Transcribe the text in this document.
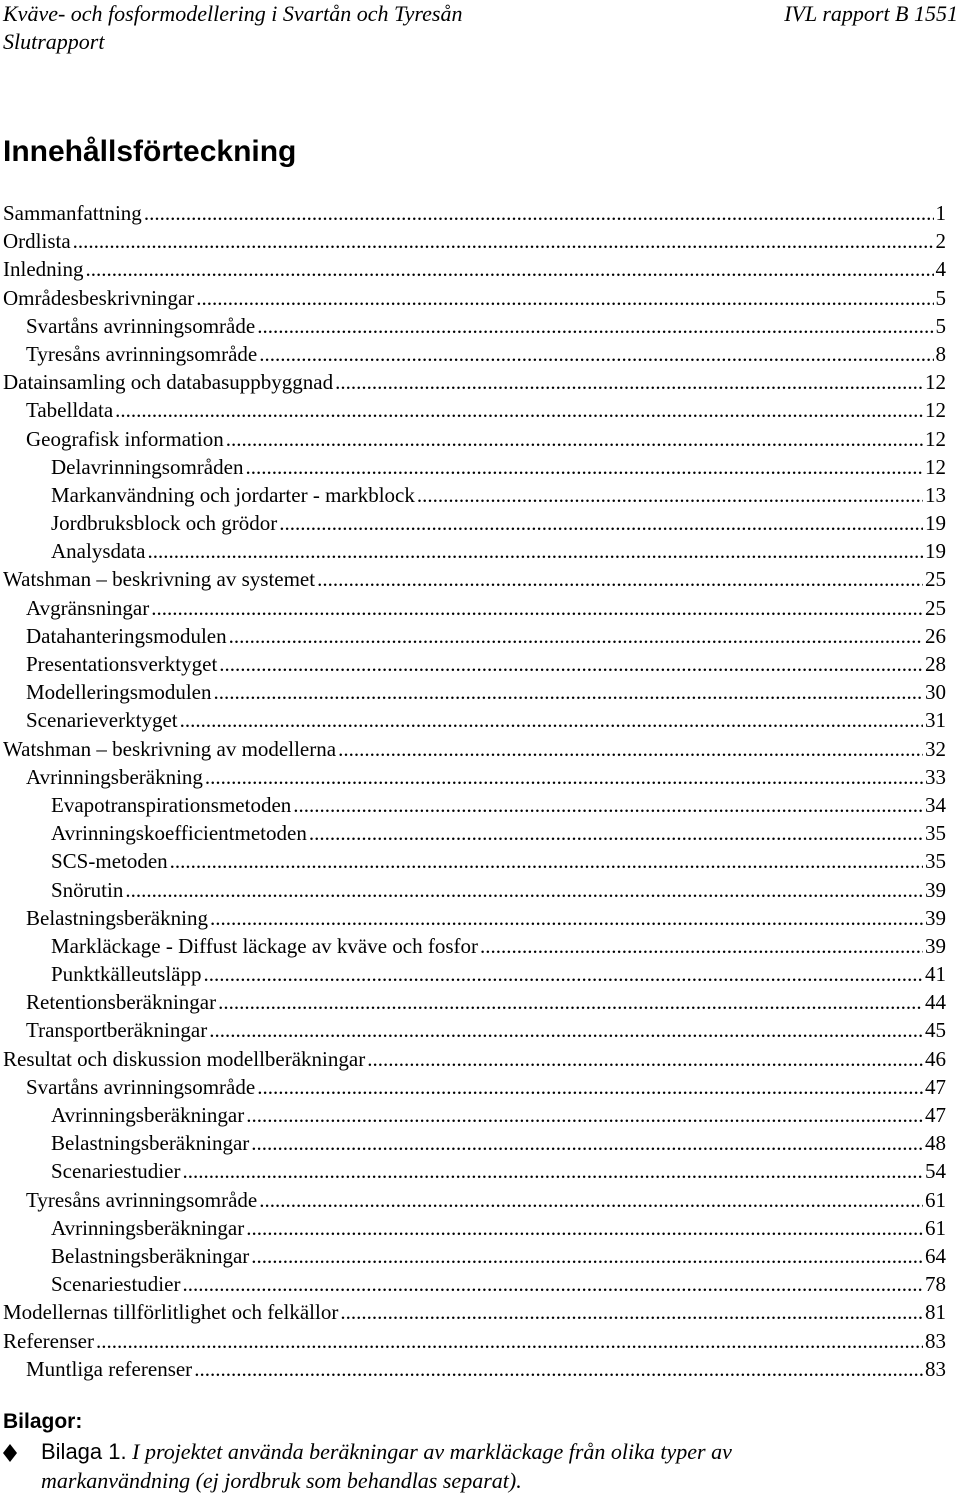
Kväve- och fosformodellering i Svartån och Tyresån	IVL rapport B 1551
Slutrapport
Innehållsförteckning
Sammanfattning .....	1
Ordlista .....	2
Inledning .....	4
Områdesbeskrivningar .....	5
Svartåns avrinningsområde .....	5
Tyresåns avrinningsområde .....	8
Datainsamling och databasuppbyggnad .....	12
Tabelldata .....	12
Geografisk information .....	12
Delavrinningsområden .....	12
Markanvändning och jordarter - markblock .....	13
Jordbruksblock och grödor .....	19
Analysdata .....	19
Watshman – beskrivning av systemet .....	25
Avgränsningar .....	25
Datahanteringsmodulen .....	26
Presentationsverktyget .....	28
Modelleringsmodulen .....	30
Scenarieverktyget .....	31
Watshman – beskrivning av modellerna .....	32
Avrinningsberäkning .....	33
Evapotranspirationsmetoden .....	34
Avrinningskoefficientmetoden .....	35
SCS-metoden .....	35
Snörutin .....	39
Belastningsberäkning .....	39
Markläckage - Diffust läckage av kväve och fosfor .....	39
Punktkälleutsläpp .....	41
Retentionsberäkningar .....	44
Transportberäkningar .....	45
Resultat och diskussion modellberäkningar .....	46
Svartåns avrinningsområde .....	47
Avrinningsberäkningar .....	47
Belastningsberäkningar .....	48
Scenariestudier .....	54
Tyresåns avrinningsområde .....	61
Avrinningsberäkningar .....	61
Belastningsberäkningar .....	64
Scenariestudier .....	78
Modellernas tillförlitlighet och felkällor .....	81
Referenser .....	83
Muntliga referenser .....	83
Bilagor:
Bilaga 1. I projektet använda beräkningar av markläckage från olika typer av markanvändning (ej jordbruk som behandlas separat).
